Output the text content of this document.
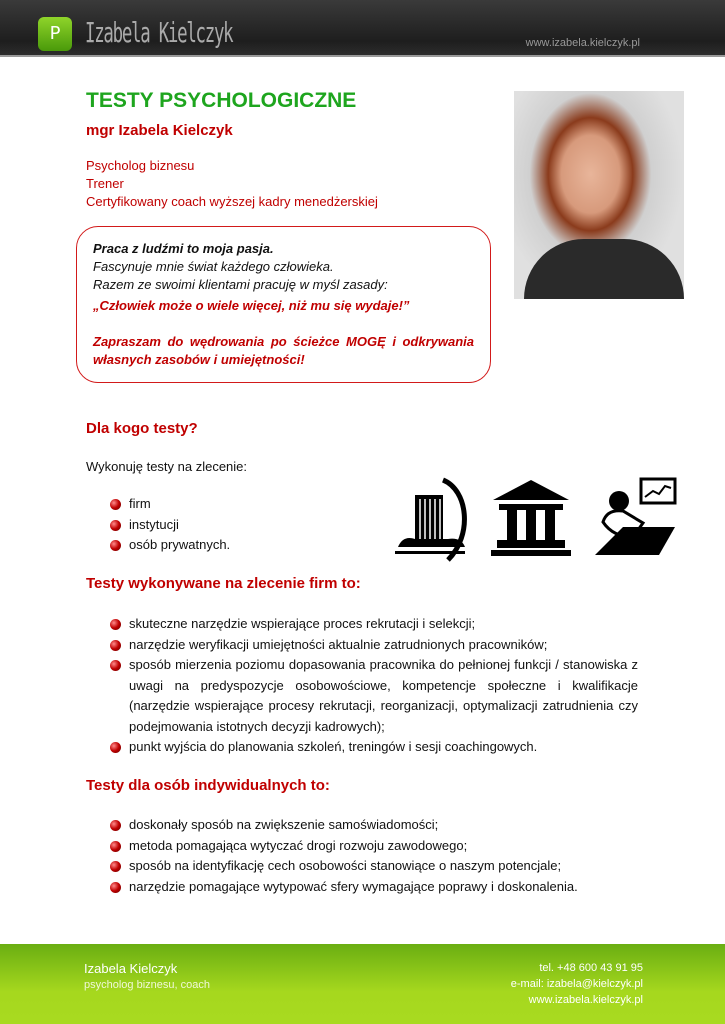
P Izabela Kielczyk	www.izabela.kielczyk.pl
TESTY PSYCHOLOGICZNE
mgr Izabela Kielczyk
Psycholog biznesu
Trener
Certyfikowany coach wyższej kadry menedżerskiej
Praca z ludźmi to moja pasja.
Fascynuje mnie świat każdego człowieka.
Razem ze swoimi klientami pracuję w myśl zasady:
„Człowiek może o wiele więcej, niż mu się wydaje!”
Zapraszam do wędrowania po ścieżce MOGĘ i odkrywania własnych zasobów i umiejętności!
Dla kogo testy?
Wykonuję testy na zlecenie:
firm
instytucji
osób prywatnych.
Testy wykonywane na zlecenie firm to:
skuteczne narzędzie wspierające proces rekrutacji i selekcji;
narzędzie weryfikacji umiejętności aktualnie zatrudnionych pracowników;
sposób mierzenia poziomu dopasowania pracownika do pełnionej funkcji / stanowiska z uwagi na predyspozycje osobowościowe, kompetencje społeczne i kwalifikacje (narzędzie wspierające procesy rekrutacji, reorganizacji, optymalizacji zatrudnienia czy podejmowania istotnych decyzji kadrowych);
punkt wyjścia do planowania szkoleń, treningów i sesji coachingowych.
Testy dla osób indywidualnych to:
doskonały sposób na zwiększenie samoświadomości;
metoda pomagająca wytyczać drogi rozwoju zawodowego;
sposób na identyfikację cech osobowości stanowiące o naszym potencjale;
narzędzie pomagające wytypować sfery wymagające poprawy i doskonalenia.
Izabela Kielczyk
psycholog biznesu, coach
tel. +48 600 43 91 95
e-mail: izabela@kielczyk.pl
www.izabela.kielczyk.pl
